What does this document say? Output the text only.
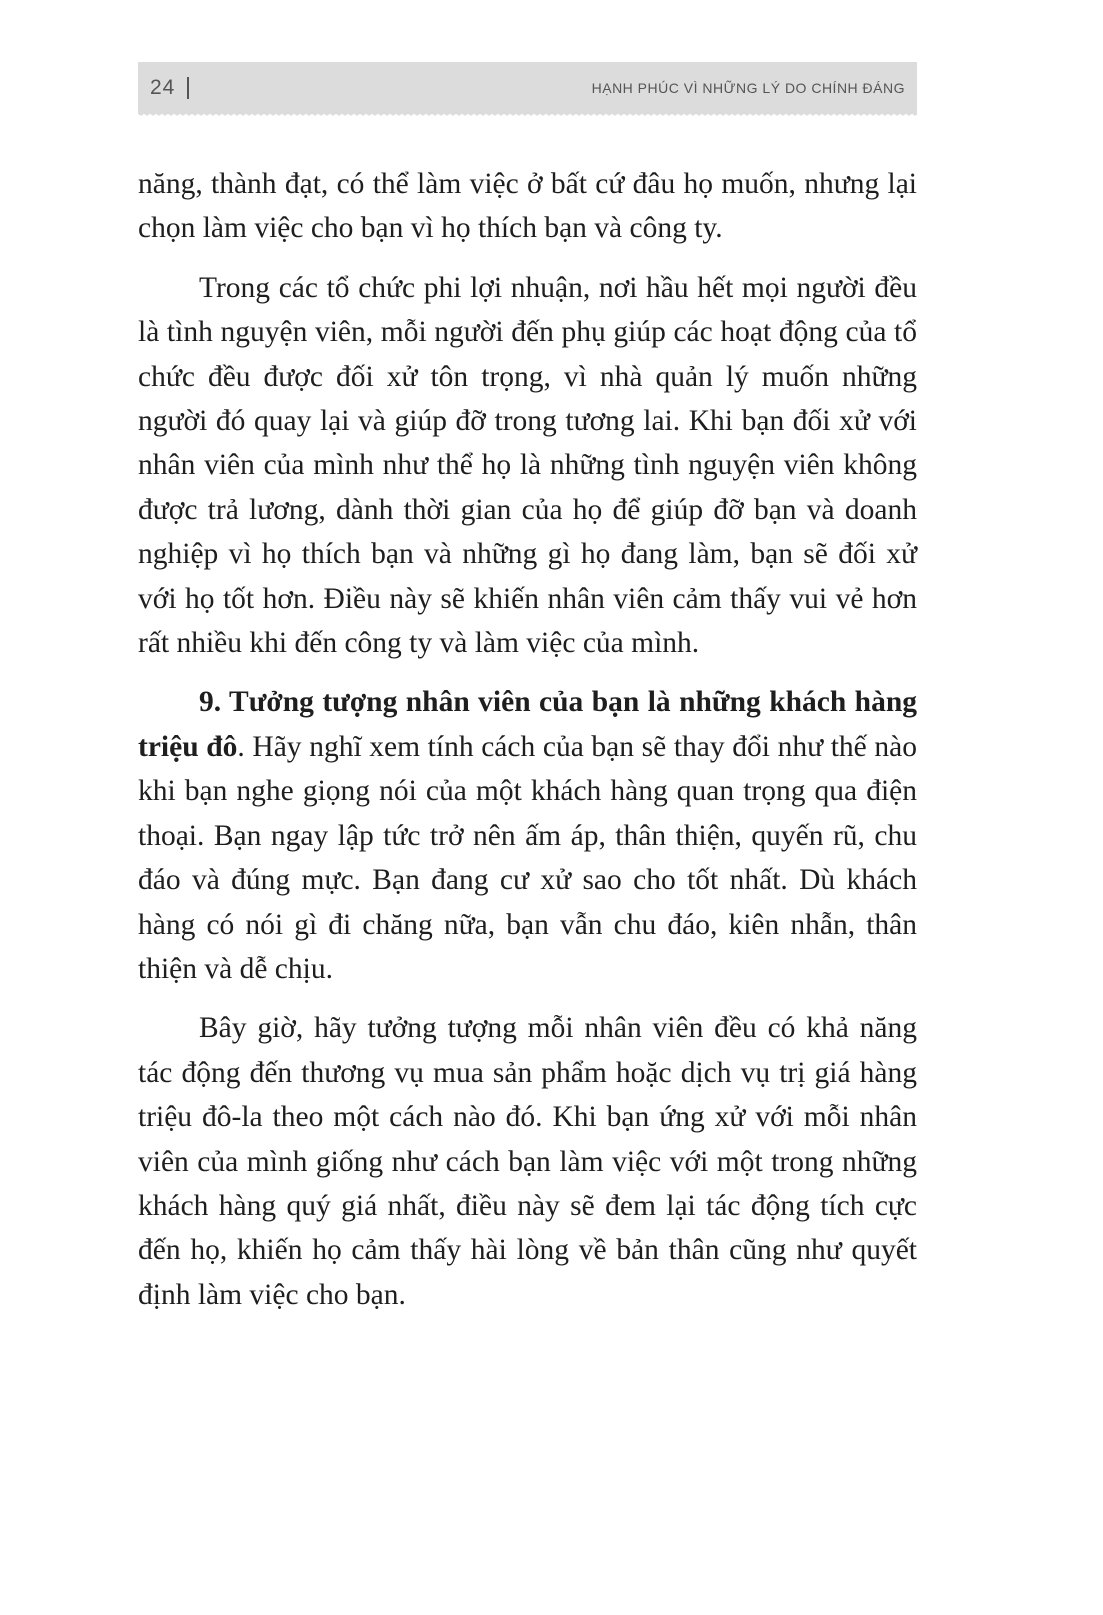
24	HẠNH PHÚC VÌ NHỮNG LÝ DO CHÍNH ĐÁNG

năng, thành đạt, có thể làm việc ở bất cứ đâu họ muốn, nhưng lại chọn làm việc cho bạn vì họ thích bạn và công ty.

Trong các tổ chức phi lợi nhuận, nơi hầu hết mọi người đều là tình nguyện viên, mỗi người đến phụ giúp các hoạt động của tổ chức đều được đối xử tôn trọng, vì nhà quản lý muốn những người đó quay lại và giúp đỡ trong tương lai. Khi bạn đối xử với nhân viên của mình như thể họ là những tình nguyện viên không được trả lương, dành thời gian của họ để giúp đỡ bạn và doanh nghiệp vì họ thích bạn và những gì họ đang làm, bạn sẽ đối xử với họ tốt hơn. Điều này sẽ khiến nhân viên cảm thấy vui vẻ hơn rất nhiều khi đến công ty và làm việc của mình.

9. Tưởng tượng nhân viên của bạn là những khách hàng triệu đô. Hãy nghĩ xem tính cách của bạn sẽ thay đổi như thế nào khi bạn nghe giọng nói của một khách hàng quan trọng qua điện thoại. Bạn ngay lập tức trở nên ấm áp, thân thiện, quyến rũ, chu đáo và đúng mực. Bạn đang cư xử sao cho tốt nhất. Dù khách hàng có nói gì đi chăng nữa, bạn vẫn chu đáo, kiên nhẫn, thân thiện và dễ chịu.

Bây giờ, hãy tưởng tượng mỗi nhân viên đều có khả năng tác động đến thương vụ mua sản phẩm hoặc dịch vụ trị giá hàng triệu đô-la theo một cách nào đó. Khi bạn ứng xử với mỗi nhân viên của mình giống như cách bạn làm việc với một trong những khách hàng quý giá nhất, điều này sẽ đem lại tác động tích cực đến họ, khiến họ cảm thấy hài lòng về bản thân cũng như quyết định làm việc cho bạn.
